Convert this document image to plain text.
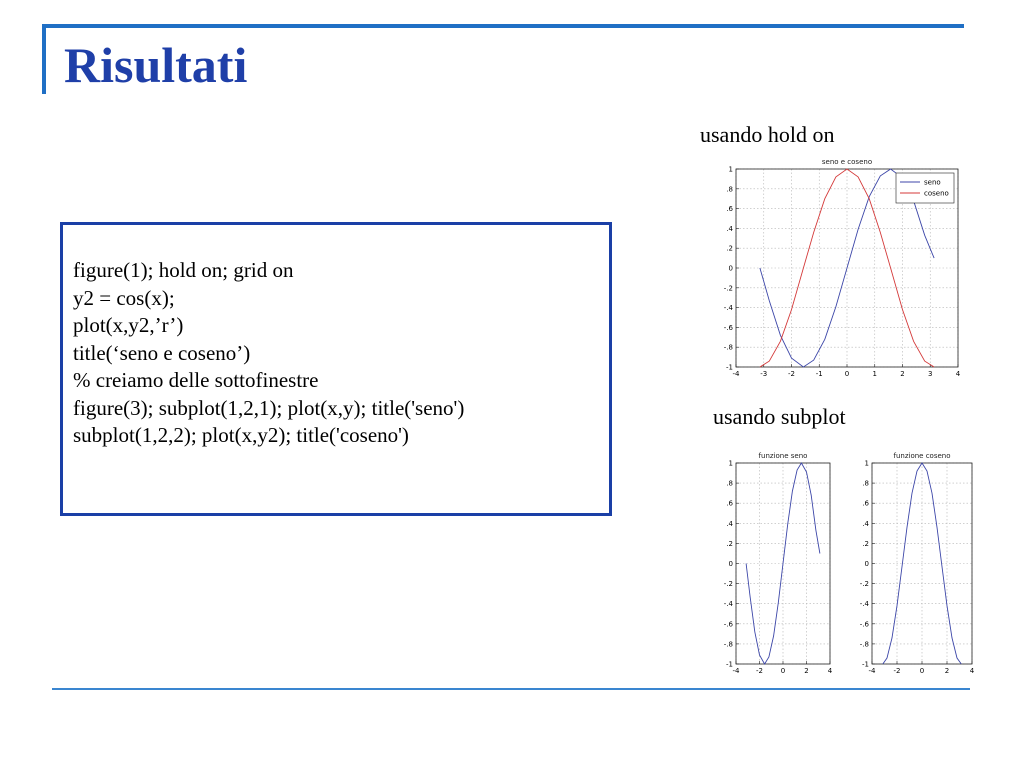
Risultati
figure(1); hold on; grid on
y2 = cos(x);
plot(x,y2,’r’)
title(‘seno e coseno’)
% creiamo delle sottofinestre
figure(3); subplot(1,2,1); plot(x,y); title('seno')
subplot(1,2,2); plot(x,y2); title('coseno')
usando hold on
usando subplot
-4	-3	-2	-1	0	1	2	3	4
-1
-.8
-.6
-.4
-.2
0
.2
.4
.6
.8
1
seno e coseno
seno
coseno
-4 -2	0	2	4
-1
-.8
-.6
-.4
-.2
0
.2
.4
.6
.8
1
funzione seno
-4	-2	0	2	4
-1
-.8
-.6
-.4
-.2
0
.2
.4
.6
.8
1
funzione coseno
